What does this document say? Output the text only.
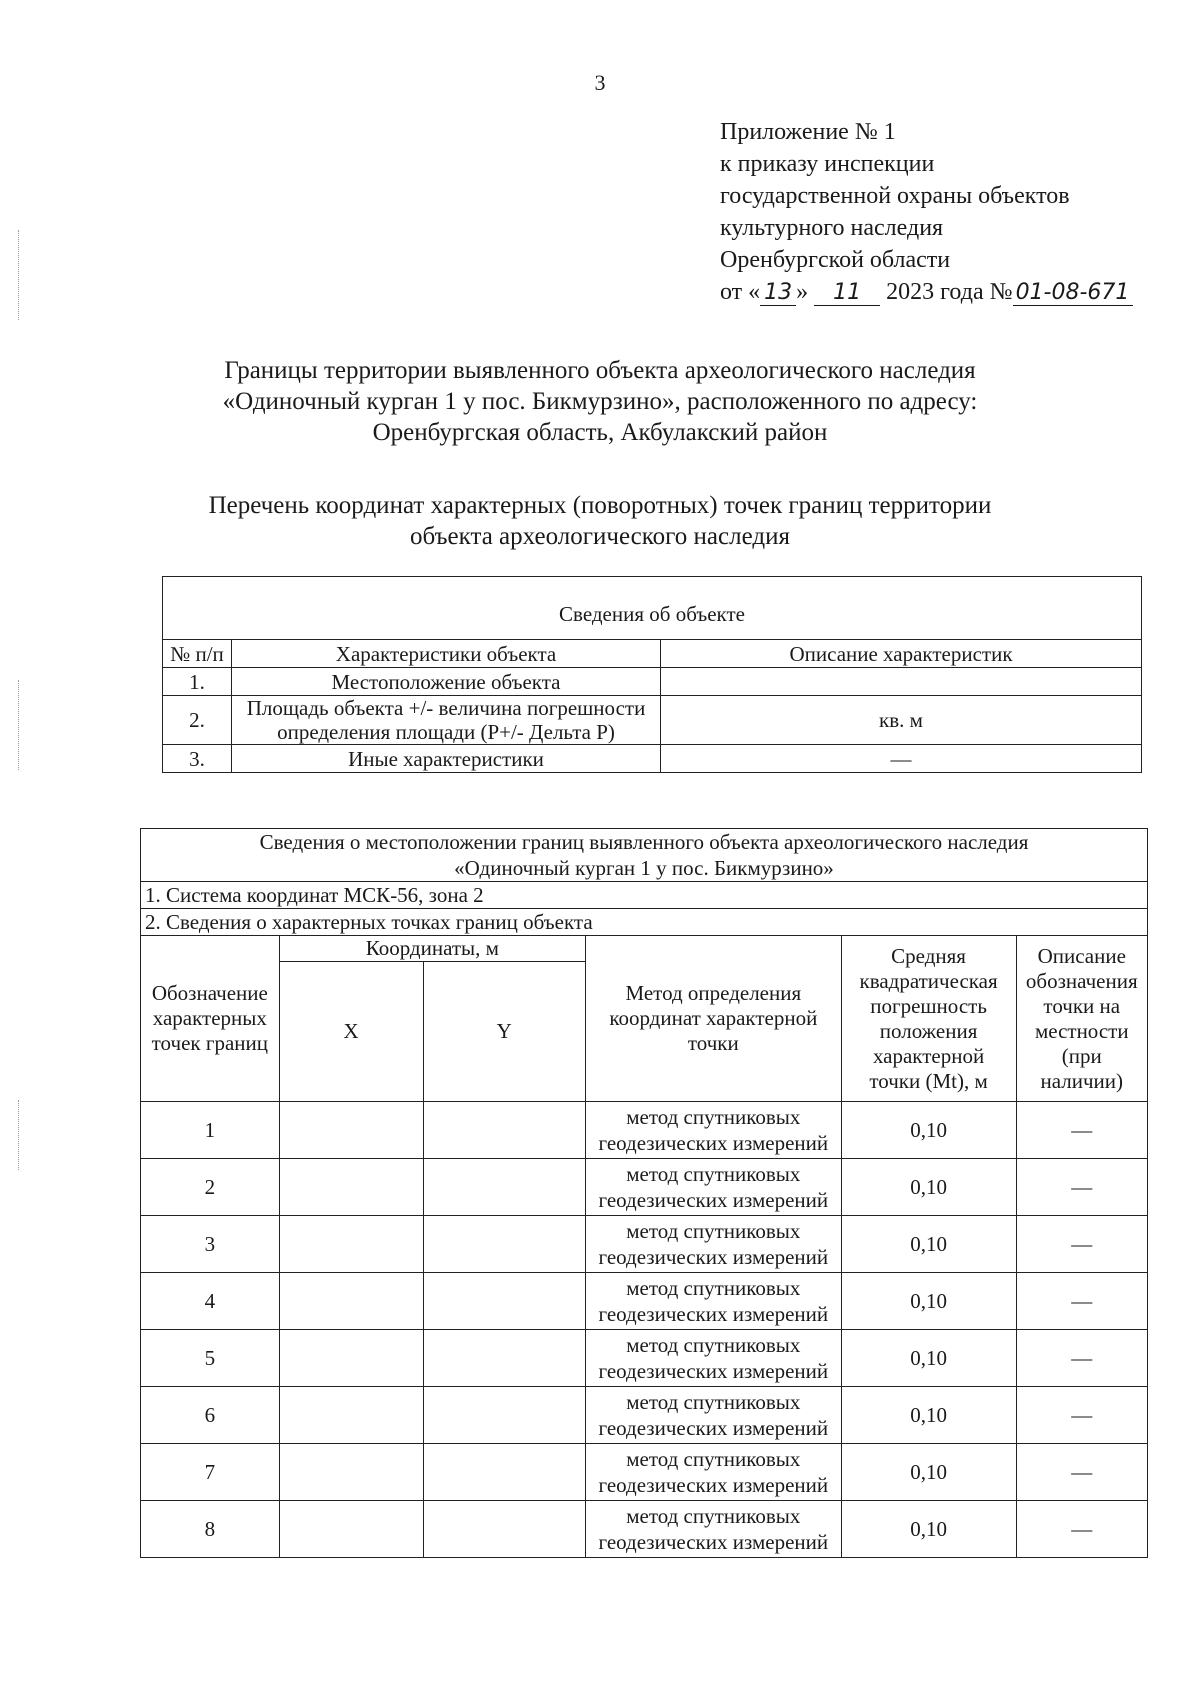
3
Приложение № 1
к приказу инспекции
государственной охраны объектов
культурного наследия
Оренбургской области
от « 13 » 11 2023 года № 01-08-671
Границы территории выявленного объекта археологического наследия
«Одиночный курган 1 у пос. Бикмурзино», расположенного по адресу:
Оренбургская область, Акбулакский район
Перечень координат характерных (поворотных) точек границ территории
объекта археологического наследия
Сведения об объекте		
№ п/п	Характеристики объекта	Описание характеристик
1.	Местоположение объекта	
2.	Площадь объекта +/- величина погрешности определения площади (P+/- Дельта P)	кв. м
3.	Иные характеристики	—
Сведения о местоположении границ выявленного объекта археологического наследия
«Одиночный курган 1 у пос. Бикмурзино»					

1. Система координат МСК-56, зона 2					
2. Сведения о характерных точках границ объекта					
Обозначение характерных точек границ	Координаты, м		Метод определения координат характерной точки	Средняя квадратическая погрешность положения характерной точки (Mt), м	Описание обозначения точки на местности (при наличии)
	X	Y			
1			метод спутниковых геодезических измерений	0,10	—
2			метод спутниковых геодезических измерений	0,10	—
3			метод спутниковых геодезических измерений	0,10	—
4			метод спутниковых геодезических измерений	0,10	—
5			метод спутниковых геодезических измерений	0,10	—
6			метод спутниковых геодезических измерений	0,10	—
7			метод спутниковых геодезических измерений	0,10	—
8			метод спутниковых геодезических измерений	0,10	—
